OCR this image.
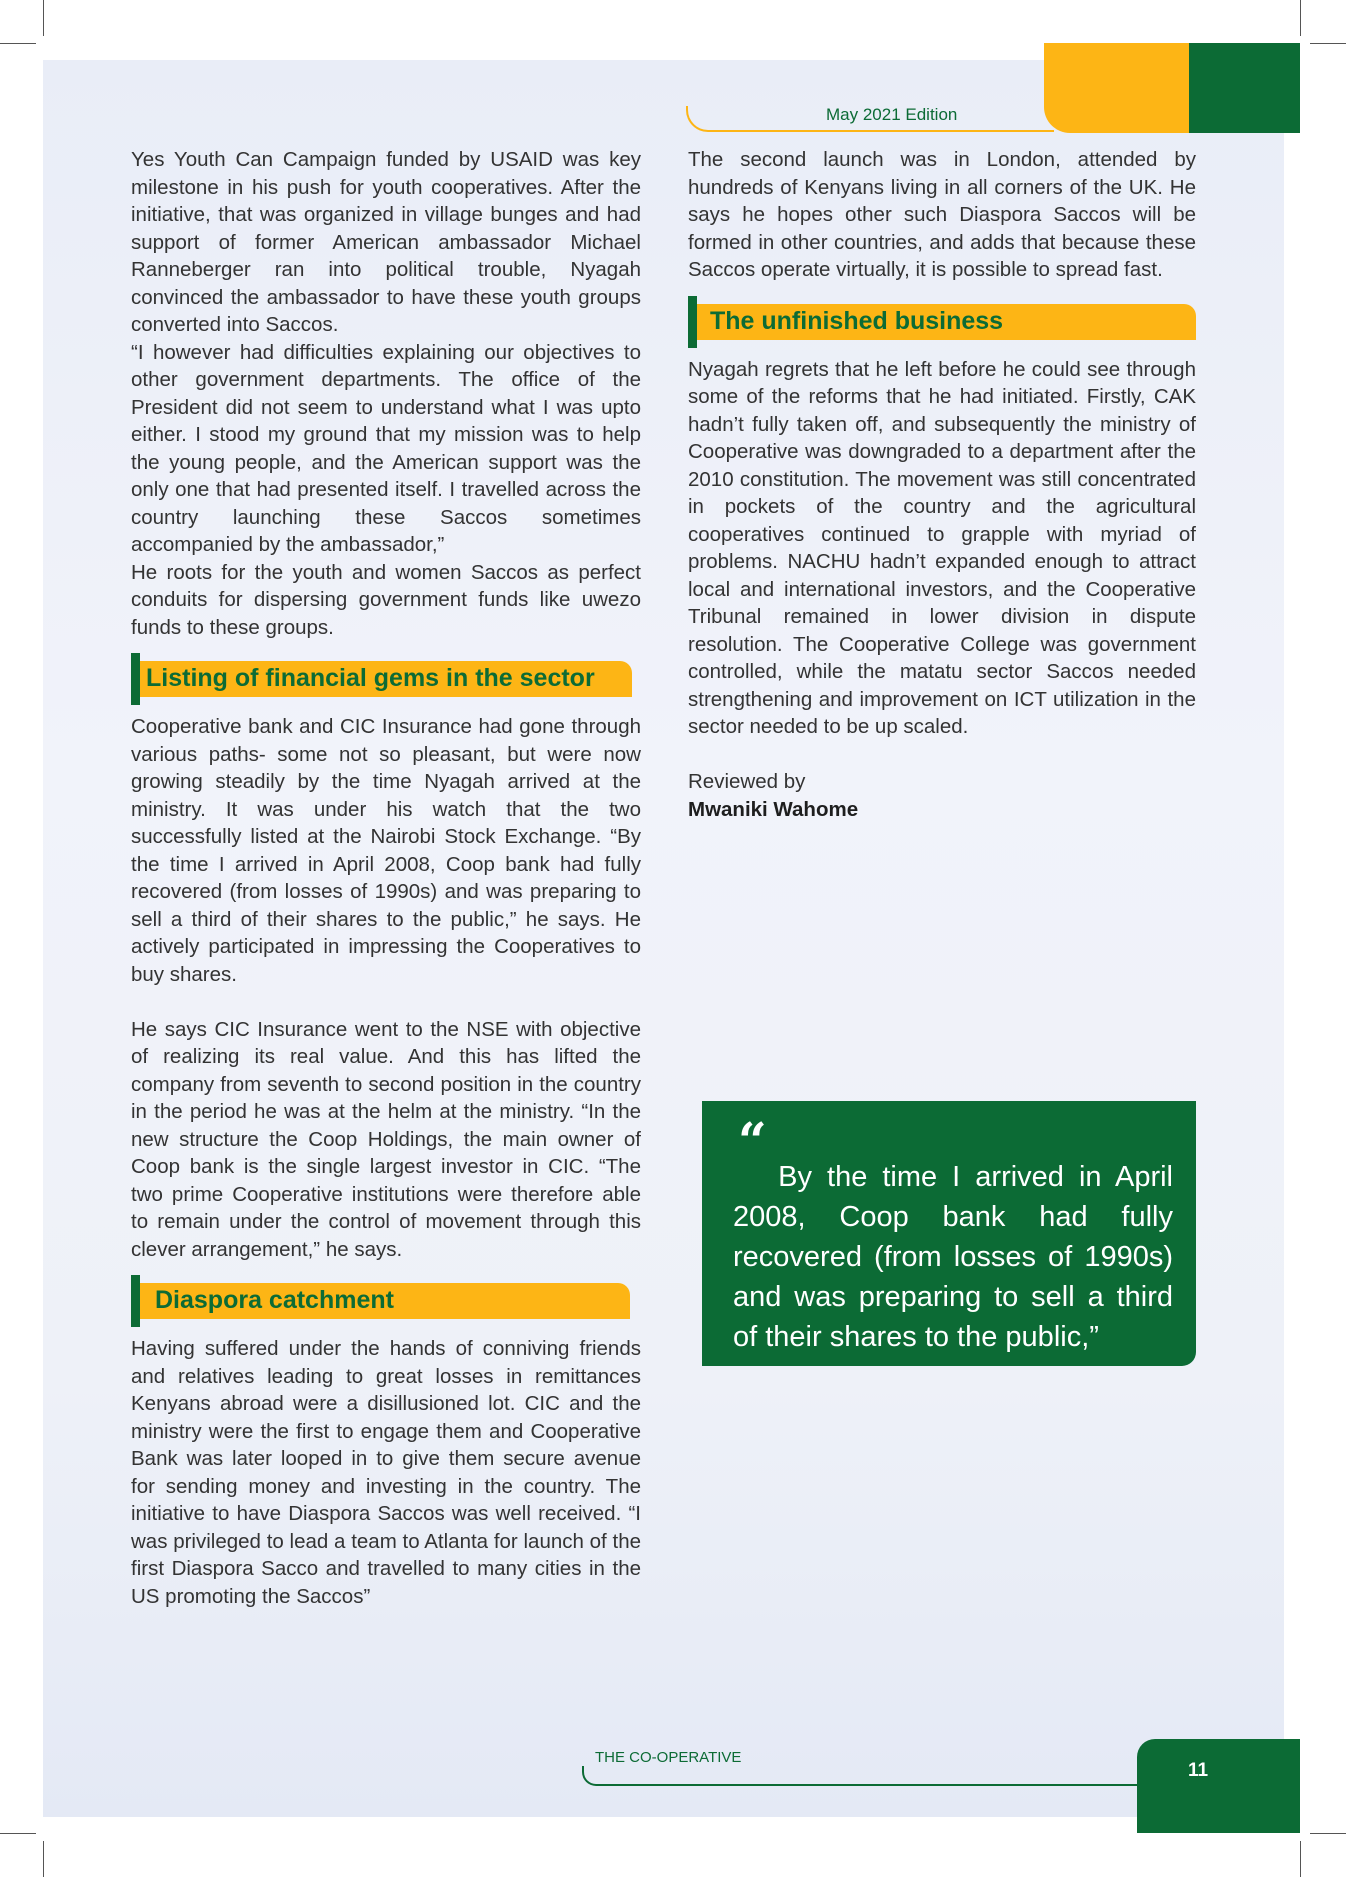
May 2021 Edition

Yes Youth Can Campaign funded by USAID was key milestone in his push for youth cooperatives. After the initiative, that was organized in village bunges and had support of former American ambassador Michael Ranneberger ran into political trouble, Nyagah convinced the ambassador to have these youth groups converted into Saccos.

“I however had difficulties explaining our objectives to other government departments. The office of the President did not seem to understand what I was upto either. I stood my ground that my mission was to help the young people, and the American support was the only one that had presented itself. I travelled across the country launching these Saccos sometimes accompanied by the ambassador,”

He roots for the youth and women Saccos as perfect conduits for dispersing government funds like uwezo funds to these groups.

Listing of financial gems in the sector

Cooperative bank and CIC Insurance had gone through various paths- some not so pleasant, but were now growing steadily by the time Nyagah arrived at the ministry. It was under his watch that the two successfully listed at the Nairobi Stock Exchange. “By the time I arrived in April 2008, Coop bank had fully recovered (from losses of 1990s) and was preparing to sell a third of their shares to the public,” he says. He actively participated in impressing the Cooperatives to buy shares.

He says CIC Insurance went to the NSE with objective of realizing its real value. And this has lifted the company from seventh to second position in the country in the period he was at the helm at the ministry. “In the new structure the Coop Holdings, the main owner of Coop bank is the single largest investor in CIC. “The two prime Cooperative institutions were therefore able to remain under the control of movement through this clever arrangement,” he says.

Diaspora catchment

Having suffered under the hands of conniving friends and relatives leading to great losses in remittances Kenyans abroad were a disillusioned lot. CIC and the ministry were the first to engage them and Cooperative Bank was later looped in to give them secure avenue for sending money and investing in the country. The initiative to have Diaspora Saccos was well received. “I was privileged to lead a team to Atlanta for launch of the first Diaspora Sacco and travelled to many cities in the US promoting the Saccos”

The second launch was in London, attended by hundreds of Kenyans living in all corners of the UK. He says he hopes other such Diaspora Saccos will be formed in other countries, and adds that because these Saccos operate virtually, it is possible to spread fast.

The unfinished business

Nyagah regrets that he left before he could see through some of the reforms that he had initiated. Firstly, CAK hadn’t fully taken off, and subsequently the ministry of Cooperative was downgraded to a department after the 2010 constitution. The movement was still concentrated in pockets of the country and the agricultural cooperatives continued to grapple with myriad of problems. NACHU hadn’t expanded enough to attract local and international investors, and the Cooperative Tribunal remained in lower division in dispute resolution. The Cooperative College was government controlled, while the matatu sector Saccos needed strengthening and improvement on ICT utilization in the sector needed to be up scaled.

Reviewed by

Mwaniki Wahome

“
By the time I arrived in April 2008, Coop bank had fully recovered (from losses of 1990s) and was preparing to sell a third of their shares to the public,”
THE CO-OPERATIVE
11
